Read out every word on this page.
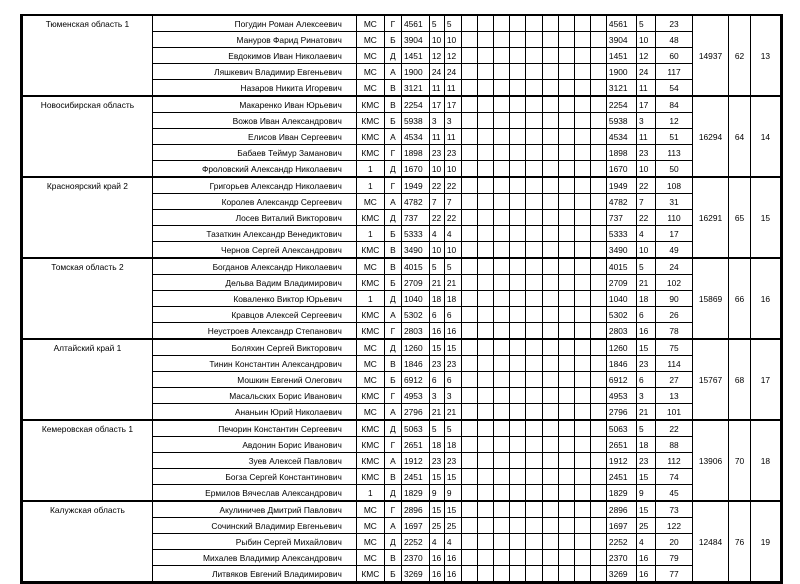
Тюменская область 1	Погудин Роман Алексеевич	МС	Г	4561	5	5										4561	5	23	14937	62	13
	Мануров Фарид Ринатович	МС	Б	3904	10	10										3904	10	48			
	Евдокимов Иван Николаевич	МС	Д	1451	12	12										1451	12	60			
	Ляшкевич Владимир Евгеньевич	МС	А	1900	24	24										1900	24	117			
	Назаров Никита Игоревич	МС	В	3121	11	11										3121	11	54			
Новосибирская область	Макаренко Иван Юрьевич	КМС	В	2254	17	17										2254	17	84	16294	64	14
	Вожов Иван Александрович	КМС	Б	5938	3	3										5938	3	12			
	Елисов Иван Сергеевич	КМС	А	4534	11	11										4534	11	51			
	Бабаев Теймур Заманович	КМС	Г	1898	23	23										1898	23	113			
	Фроловский Александр Николаевич	1	Д	1670	10	10										1670	10	50			
Красноярский край 2	Григорьев Александр Николаевич	1	Г	1949	22	22										1949	22	108	16291	65	15
	Королев Александр Сергеевич	МС	А	4782	7	7										4782	7	31			
	Лосев Виталий Викторович	КМС	Д	737	22	22										737	22	110			
	Тазаткин Александр Венедиктович	1	Б	5333	4	4										5333	4	17			
	Чернов Сергей Александрович	КМС	В	3490	10	10										3490	10	49			
Томская область 2	Богданов Александр Николаевич	МС	В	4015	5	5										4015	5	24	15869	66	16
	Дельва Вадим Владимирович	КМС	Б	2709	21	21										2709	21	102			
	Коваленко Виктор Юрьевич	1	Д	1040	18	18										1040	18	90			
	Кравцов Алексей Сергеевич	КМС	А	5302	6	6										5302	6	26			
	Неустроев Александр Степанович	КМС	Г	2803	16	16										2803	16	78			
Алтайский край 1	Боляхин Сергей Викторович	МС	Д	1260	15	15										1260	15	75	15767	68	17
	Тинин Константин Александрович	МС	В	1846	23	23										1846	23	114			
	Мошкин Евгений Олегович	МС	Б	6912	6	6										6912	6	27			
	Масальских Борис Иванович	КМС	Г	4953	3	3										4953	3	13			
	Ананьин Юрий Николаевич	МС	А	2796	21	21										2796	21	101			
Кемеровская область 1	Печорин Константин Сергеевич	КМС	Д	5063	5	5										5063	5	22	13906	70	18
	Авдонин Борис Иванович	КМС	Г	2651	18	18										2651	18	88			
	Зуев Алексей Павлович	КМС	А	1912	23	23										1912	23	112			
	Богза Сергей Константинович	КМС	В	2451	15	15										2451	15	74			
	Ермилов Вячеслав Александрович	1	Д	1829	9	9										1829	9	45			
Калужская область	Акулиничев Дмитрий Павлович	МС	Г	2896	15	15										2896	15	73	12484	76	19
	Сочинский Владимир Евгеньевич	МС	А	1697	25	25										1697	25	122			
	Рыбин Сергей Михайлович	МС	Д	2252	4	4										2252	4	20			
	Михалев Владимир Александрович	МС	В	2370	16	16										2370	16	79			
	Литвяков Евгений Владимирович	КМС	Б	3269	16	16										3269	16	77			
